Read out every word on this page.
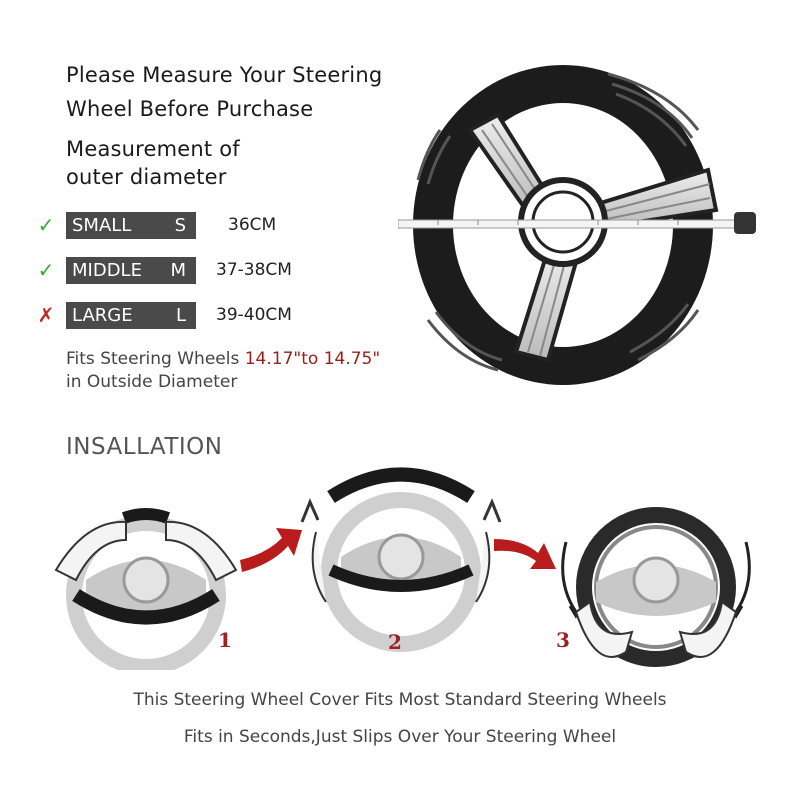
Please Measure Your Steering
Wheel Before Purchase
Measurement of
outer diameter
✓ SMALL S 36CM
✓ MIDDLE M 37-38CM
✗ LARGE L 39-40CM
Fits Steering Wheels 14.17"to 14.75"
in Outside Diameter
INSALLATION
1	2	3
This Steering Wheel Cover Fits Most Standard Steering Wheels
Fits in Seconds,Just Slips Over Your Steering Wheel
